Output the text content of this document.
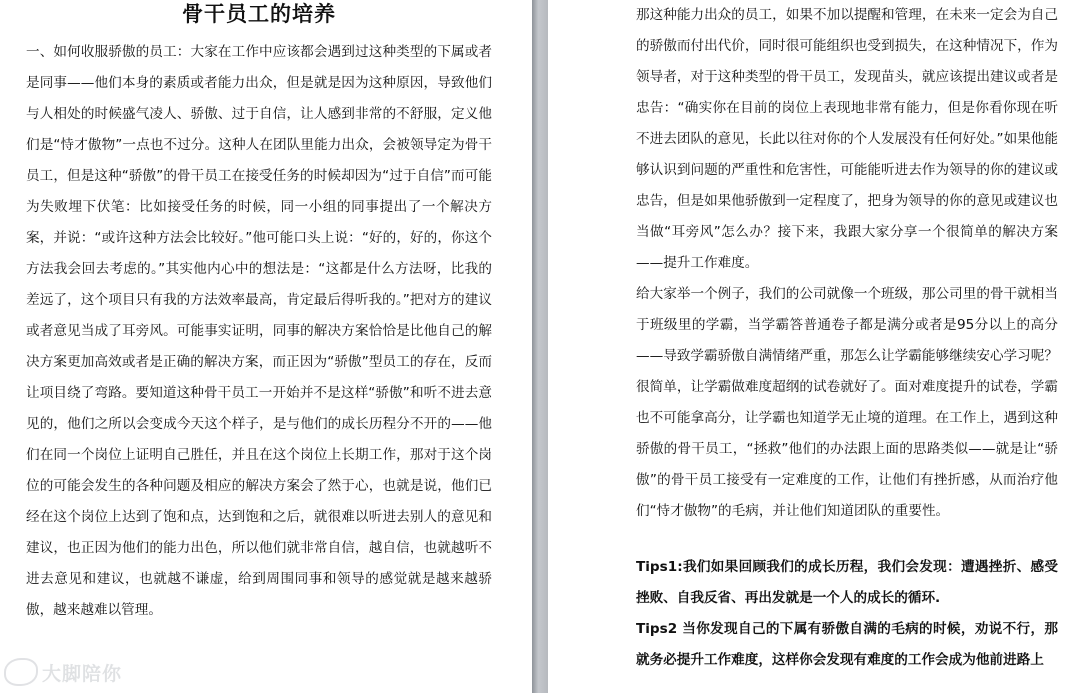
骨干员工的培养

一、如何收服骄傲的员工：大家在工作中应该都会遇到过这种类型的下属或者是同事——他们本身的素质或者能力出众，但是就是因为这种原因，导致他们与人相处的时候盛气凌人、骄傲、过于自信，让人感到非常的不舒服，定义他们是“恃才傲物”一点也不过分。这种人在团队里能力出众，会被领导定为骨干员工，但是这种“骄傲”的骨干员工在接受任务的时候却因为“过于自信”而可能为失败埋下伏笔：比如接受任务的时候，同一小组的同事提出了一个解决方案，并说：“或许这种方法会比较好。”他可能口头上说：“好的，好的，你这个方法我会回去考虑的。”其实他内心中的想法是：“这都是什么方法呀，比我的差远了，这个项目只有我的方法效率最高，肯定最后得听我的。”把对方的建议或者意见当成了耳旁风。可能事实证明，同事的解决方案恰恰是比他自己的解决方案更加高效或者是正确的解决方案，而正因为“骄傲”型员工的存在，反而让项目绕了弯路。要知道这种骨干员工一开始并不是这样“骄傲”和听不进去意见的，他们之所以会变成今天这个样子，是与他们的成长历程分不开的——他们在同一个岗位上证明自己胜任，并且在这个岗位上长期工作，那对于这个岗位的可能会发生的各种问题及相应的解决方案会了然于心，也就是说，他们已经在这个岗位上达到了饱和点，达到饱和之后，就很难以听进去别人的意见和建议，也正因为他们的能力出色，所以他们就非常自信，越自信，也就越听不进去意见和建议，也就越不谦虚，给到周围同事和领导的感觉就是越来越骄傲，越来越难以管理。

那这种能力出众的员工，如果不加以提醒和管理，在未来一定会为自己的骄傲而付出代价，同时很可能组织也受到损失，在这种情况下，作为领导者，对于这种类型的骨干员工，发现苗头，就应该提出建议或者是忠告：“确实你在目前的岗位上表现地非常有能力，但是你看你现在听不进去团队的意见，长此以往对你的个人发展没有任何好处。”如果他能够认识到问题的严重性和危害性，可能能听进去作为领导的你的建议或忠告，但是如果他骄傲到一定程度了，把身为领导的你的意见或建议也当做“耳旁风”怎么办？接下来，我跟大家分享一个很简单的解决方案——提升工作难度。

给大家举一个例子，我们的公司就像一个班级，那公司里的骨干就相当于班级里的学霸，当学霸答普通卷子都是满分或者是95分以上的高分——导致学霸骄傲自满情绪严重，那怎么让学霸能够继续安心学习呢？很简单，让学霸做难度超纲的试卷就好了。面对难度提升的试卷，学霸也不可能拿高分，让学霸也知道学无止境的道理。在工作上，遇到这种骄傲的骨干员工，“拯救”他们的办法跟上面的思路类似——就是让“骄傲”的骨干员工接受有一定难度的工作，让他们有挫折感，从而治疗他们“恃才傲物”的毛病，并让他们知道团队的重要性。

Tips1:我们如果回顾我们的成长历程，我们会发现：遭遇挫折、感受挫败、自我反省、再出发就是一个人的成长的循环.

Tips2 当你发现自己的下属有骄傲自满的毛病的时候，劝说不行，那就务必提升工作难度，这样你会发现有难度的工作会成为他前进路上

大脚陪你
